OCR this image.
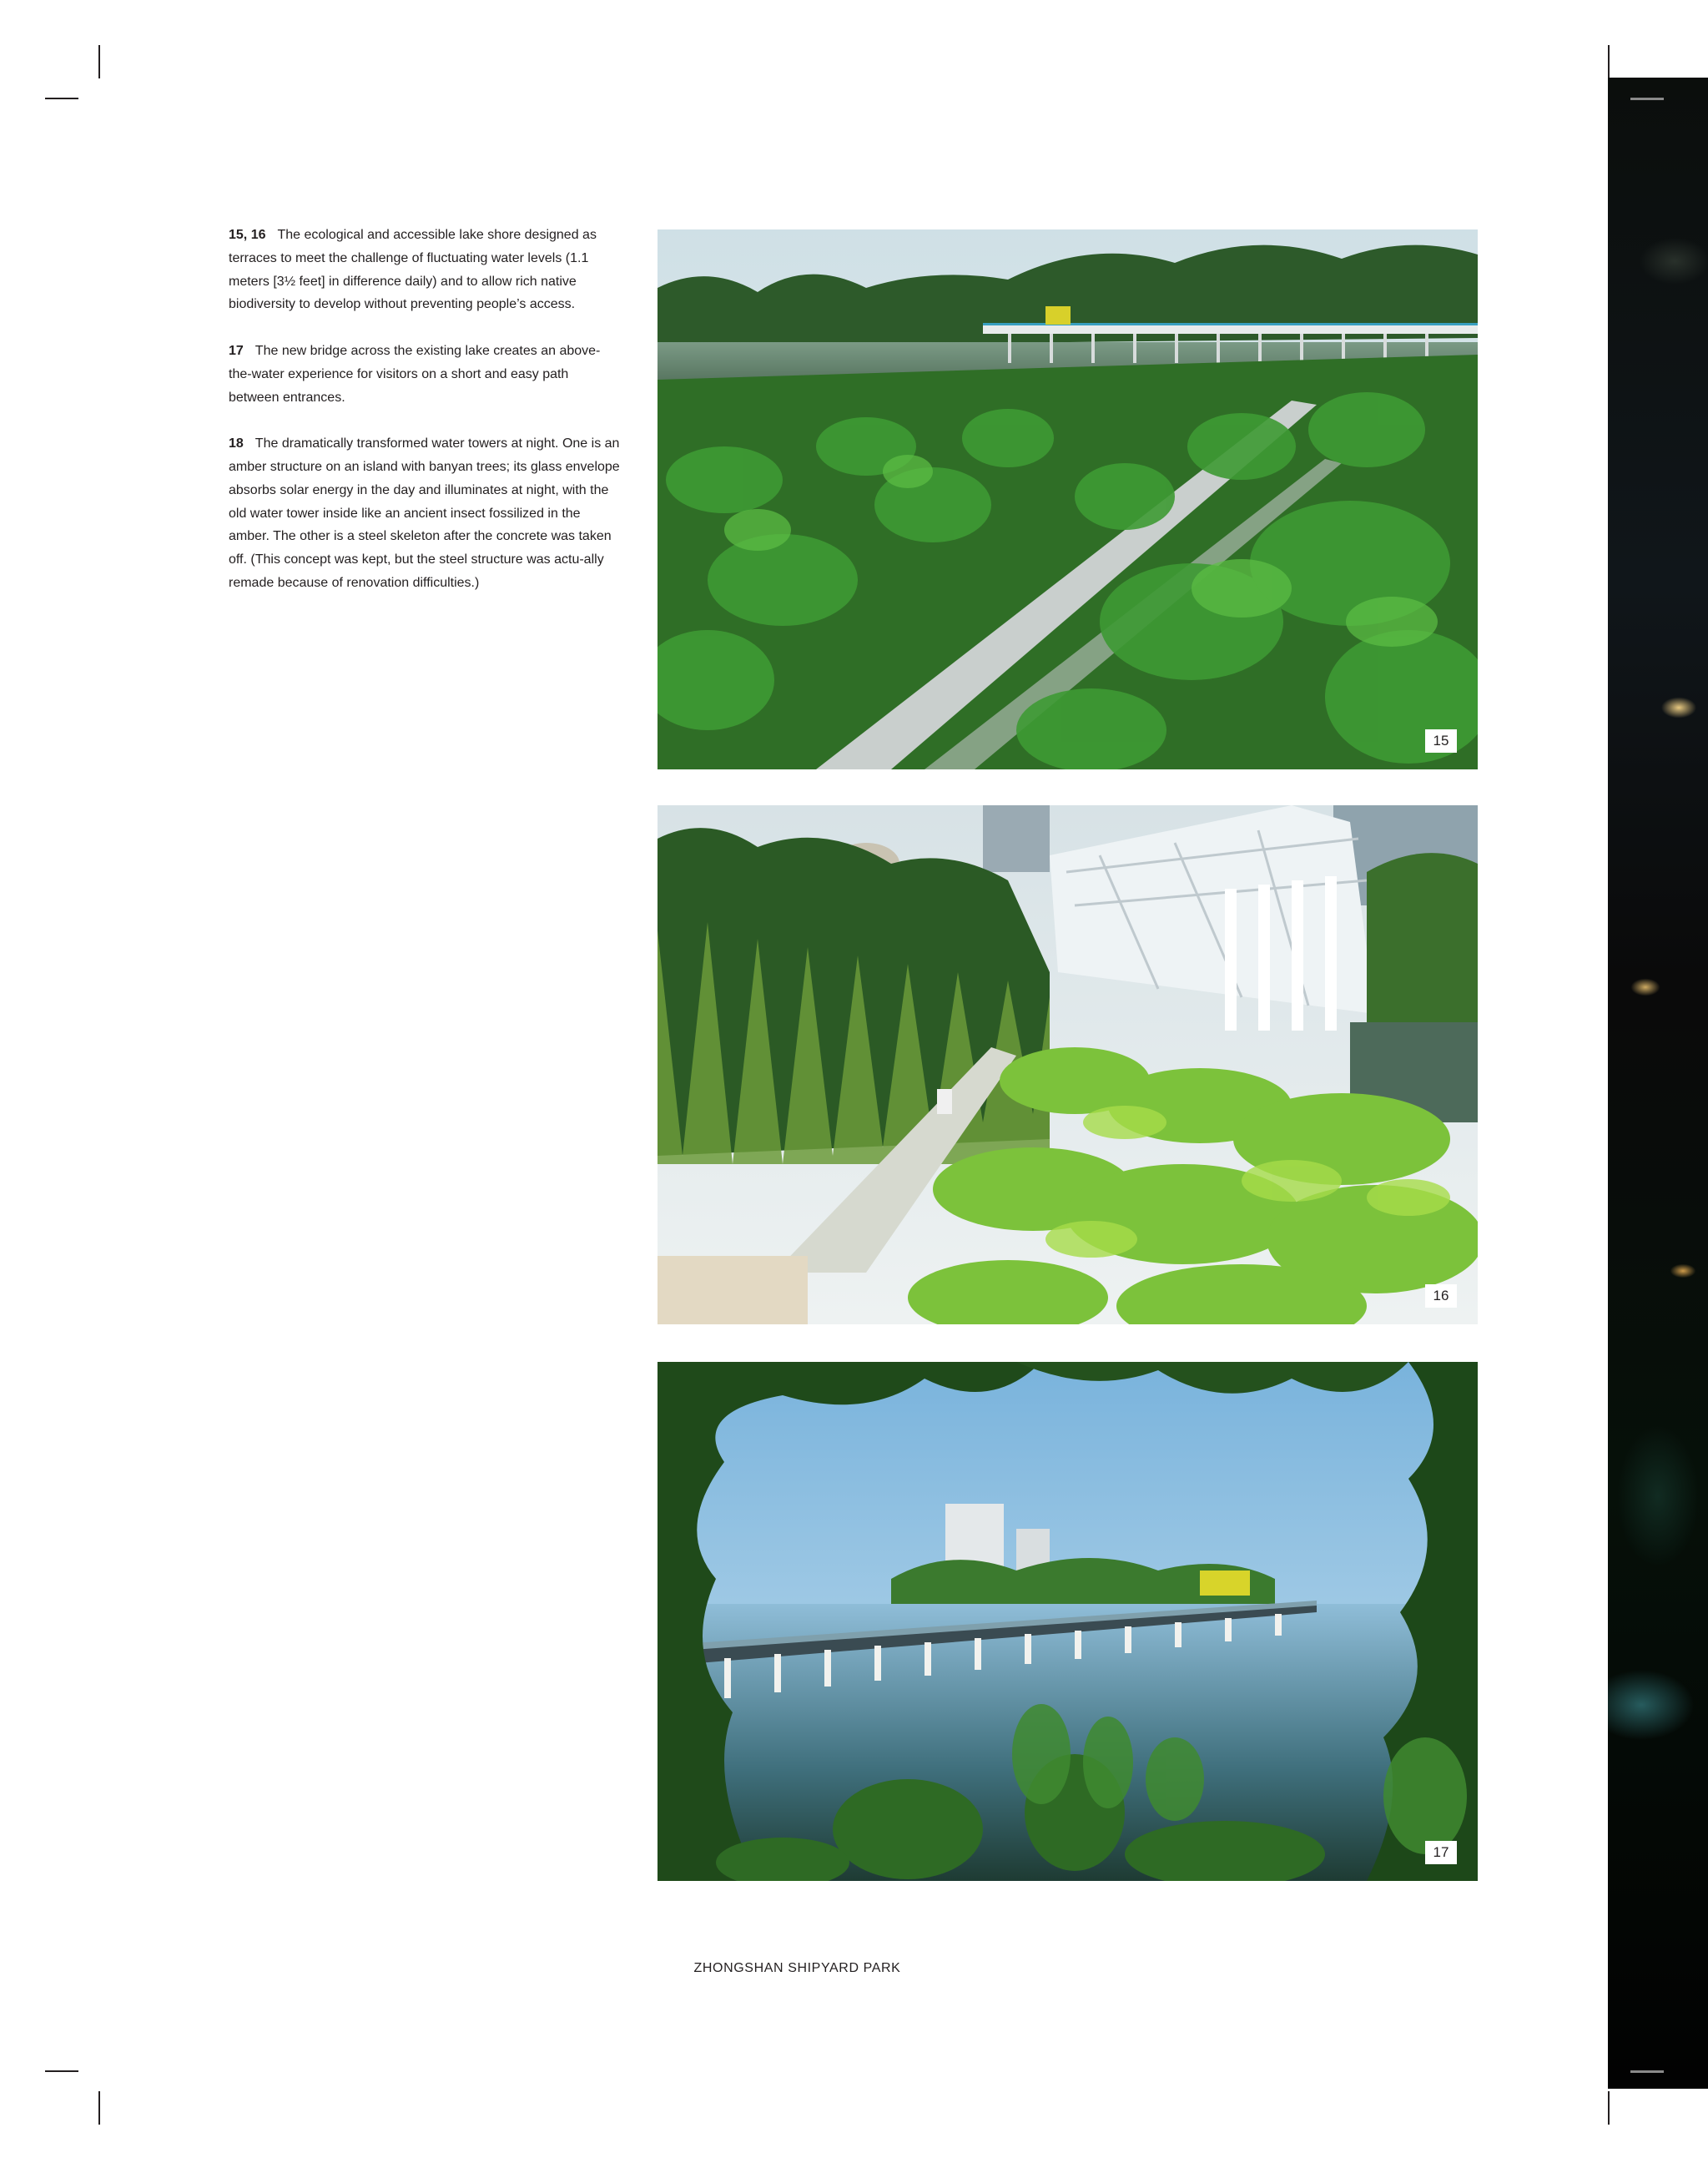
15, 16 The ecological and accessible lake shore designed as terraces to meet the challenge of fluctuating water levels (1.1 meters [3½ feet] in difference daily) and to allow rich native biodiversity to develop without preventing people’s access.

17 The new bridge across the existing lake creates an above-the-water experience for visitors on a short and easy path between entrances.

18 The dramatically transformed water towers at night. One is an amber structure on an island with banyan trees; its glass envelope absorbs solar energy in the day and illuminates at night, with the old water tower inside like an ancient insect fossilized in the amber. The other is a steel skeleton after the concrete was taken off. (This concept was kept, but the steel structure was actu-ally remade because of renovation difficulties.)

15
16
17
ZHONGSHAN SHIPYARD PARK
